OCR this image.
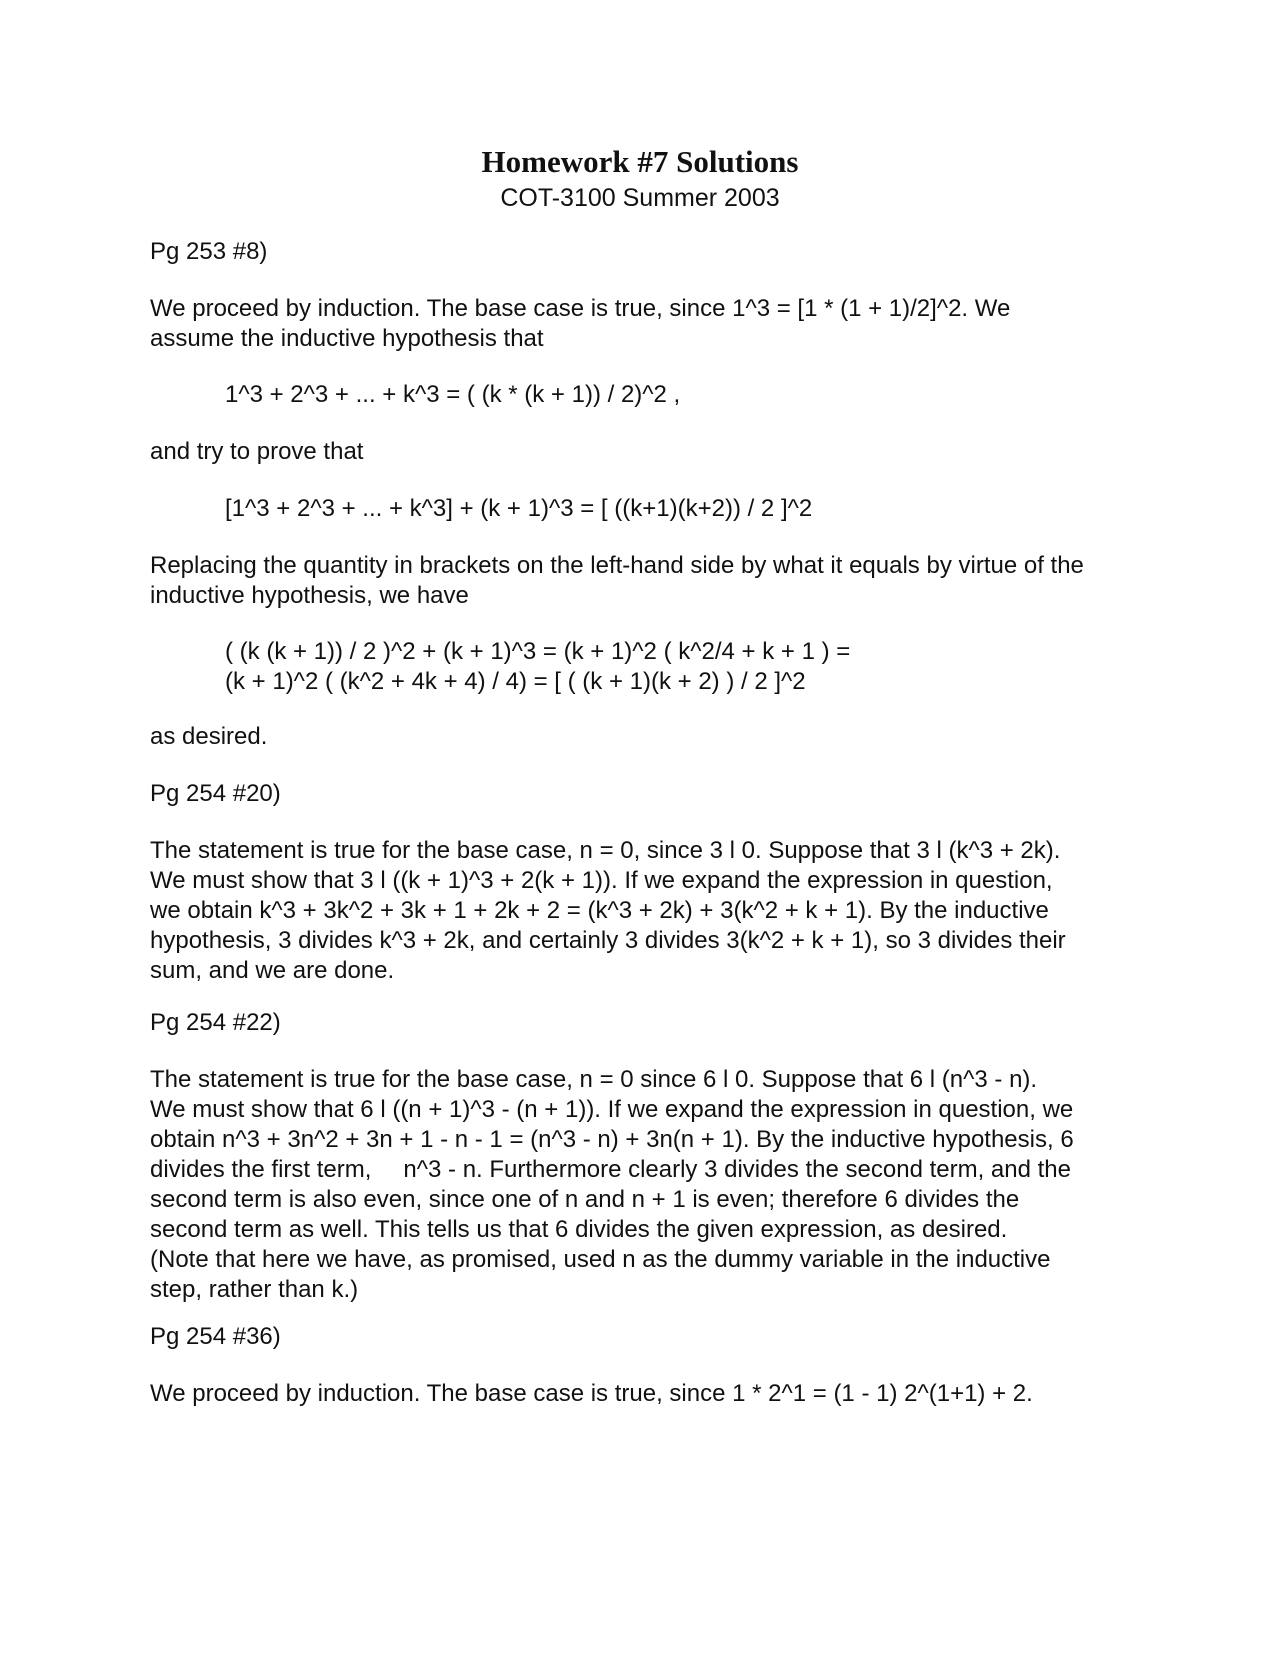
Homework #7 Solutions
COT-3100 Summer 2003
Pg 253 #8)
We proceed by induction. The base case is true, since 1^3 = [1 * (1 + 1)/2]^2. We
assume the inductive hypothesis that
1^3 + 2^3 + ... + k^3 = ( (k * (k + 1)) / 2)^2 ,
and try to prove that
[1^3 + 2^3 + ... + k^3] + (k + 1)^3 = [ ((k+1)(k+2)) / 2 ]^2
Replacing the quantity in brackets on the left-hand side by what it equals by virtue of the
inductive hypothesis, we have
( (k (k + 1)) / 2 )^2 + (k + 1)^3 = (k + 1)^2 ( k^2/4 + k + 1 ) =
(k + 1)^2 ( (k^2 + 4k + 4) / 4) = [ ( (k + 1)(k + 2) ) / 2 ]^2
as desired.
Pg 254 #20)
The statement is true for the base case, n = 0, since 3 l 0. Suppose that 3 l (k^3 + 2k).
We must show that 3 l ((k + 1)^3 + 2(k + 1)). If we expand the expression in question,
we obtain k^3 + 3k^2 + 3k + 1 + 2k + 2 = (k^3 + 2k) + 3(k^2 + k + 1). By the inductive
hypothesis, 3 divides k^3 + 2k, and certainly 3 divides 3(k^2 + k + 1), so 3 divides their
sum, and we are done.
Pg 254 #22)
The statement is true for the base case, n = 0 since 6 l 0. Suppose that 6 l (n^3 - n).
We must show that 6 l ((n + 1)^3 - (n + 1)). If we expand the expression in question, we
obtain n^3 + 3n^2 + 3n + 1 - n - 1 = (n^3 - n) + 3n(n + 1). By the inductive hypothesis, 6
divides the first term, n^3 - n. Furthermore clearly 3 divides the second term, and the
second term is also even, since one of n and n + 1 is even; therefore 6 divides the
second term as well. This tells us that 6 divides the given expression, as desired.
(Note that here we have, as promised, used n as the dummy variable in the inductive
step, rather than k.)
Pg 254 #36)
We proceed by induction. The base case is true, since 1 * 2^1 = (1 - 1) 2^(1+1) + 2.
